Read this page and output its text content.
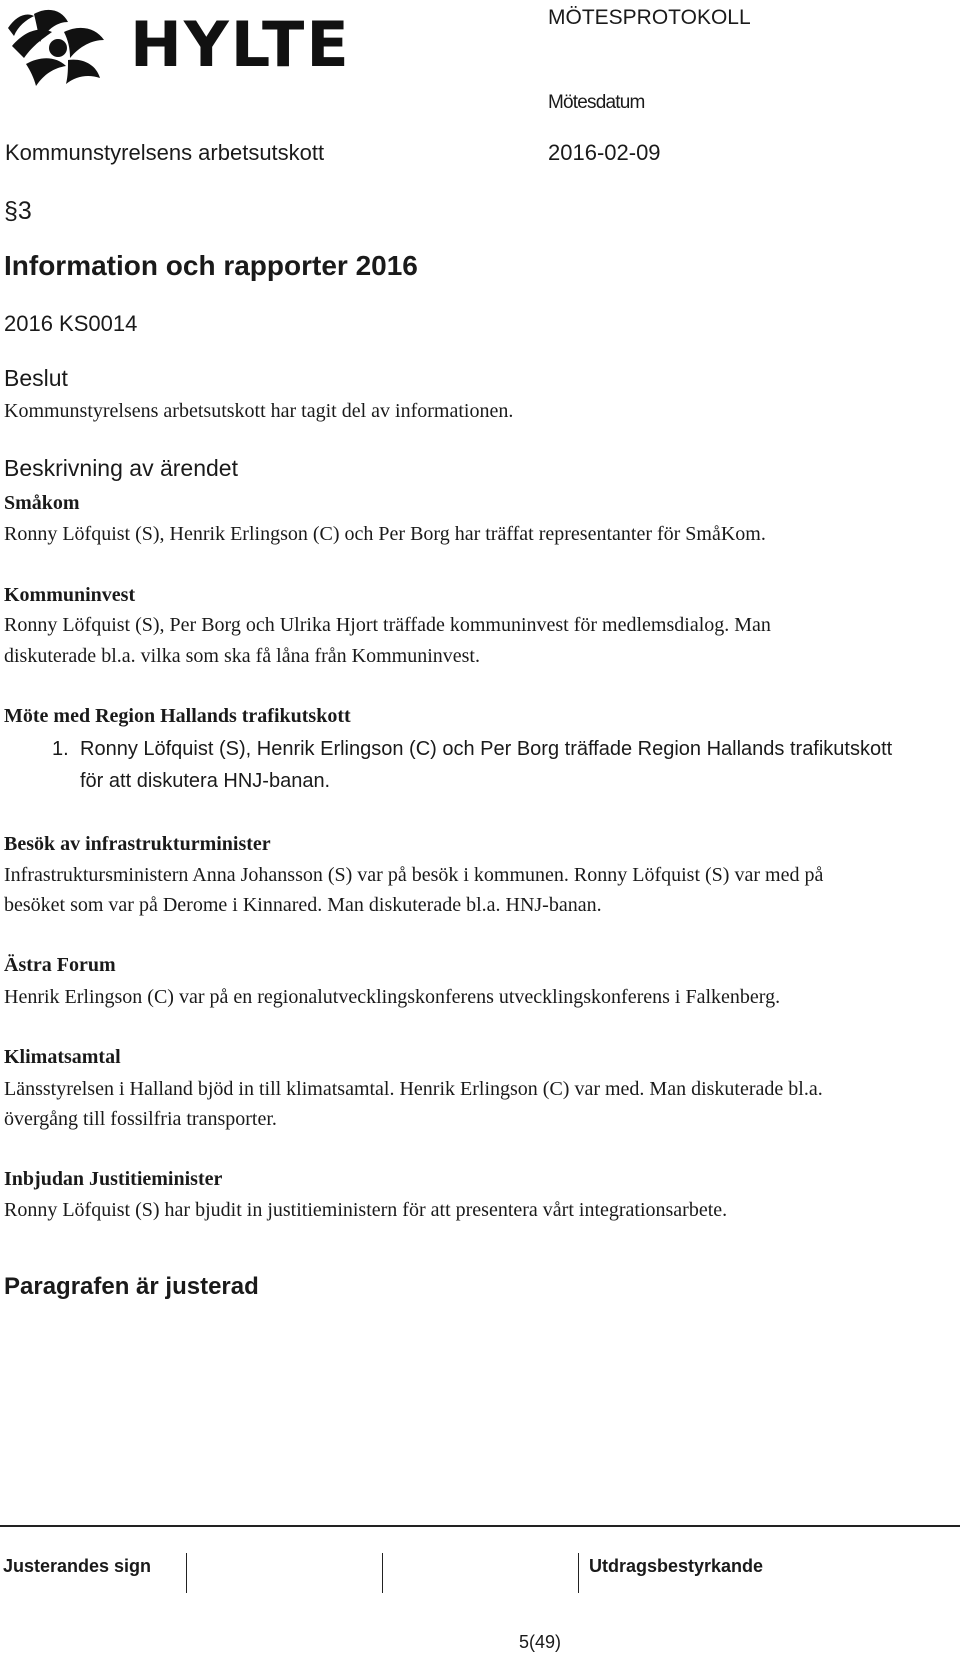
HYLTE	MÖTESPROTOKOLL
Mötesdatum
Kommunstyrelsens arbetsutskott	2016-02-09
§3
Information och rapporter 2016
2016 KS0014
Beslut
Kommunstyrelsens arbetsutskott har tagit del av informationen.
Beskrivning av ärendet
Småkom
Ronny Löfquist (S), Henrik Erlingson (C) och Per Borg har träffat representanter för SmåKom.
Kommuninvest
Ronny Löfquist (S), Per Borg och Ulrika Hjort träffade kommuninvest för medlemsdialog. Man
diskuterade bl.a. vilka som ska få låna från Kommuninvest.
Möte med Region Hallands trafikutskott
1. Ronny Löfquist (S), Henrik Erlingson (C) och Per Borg träffade Region Hallands trafikutskott
för att diskutera HNJ-banan.
Besök av infrastrukturminister
Infrastruktursministern Anna Johansson (S) var på besök i kommunen. Ronny Löfquist (S) var med på
besöket som var på Derome i Kinnared. Man diskuterade bl.a. HNJ-banan.
Ästra Forum
Henrik Erlingson (C) var på en regionalutvecklingskonferens utvecklingskonferens i Falkenberg.
Klimatsamtal
Länsstyrelsen i Halland bjöd in till klimatsamtal. Henrik Erlingson (C) var med. Man diskuterade bl.a.
övergång till fossilfria transporter.
Inbjudan Justitieminister
Ronny Löfquist (S) har bjudit in justitieministern för att presentera vårt integrationsarbete.
Paragrafen är justerad
Justerandes sign	Utdragsbestyrkande
5(49)
